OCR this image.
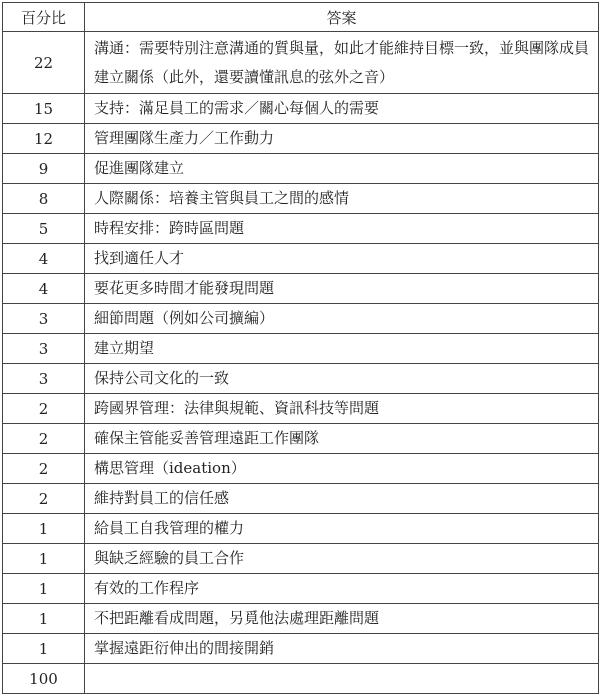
百分比	答案
22	溝通：需要特別注意溝通的質與量，如此才能維持目標一致，並與團隊成員建立關係（此外，還要讀懂訊息的弦外之音）
15	支持：滿足員工的需求／關心每個人的需要
12	管理團隊生產力／工作動力
9	促進團隊建立
8	人際關係：培養主管與員工之間的感情
5	時程安排：跨時區問題
4	找到適任人才
4	要花更多時間才能發現問題
3	細節問題（例如公司擴編）
3	建立期望
3	保持公司文化的一致
2	跨國界管理：法律與規範、資訊科技等問題
2	確保主管能妥善管理遠距工作團隊
2	構思管理（ideation）
2	維持對員工的信任感
1	給員工自我管理的權力
1	與缺乏經驗的員工合作
1	有效的工作程序
1	不把距離看成問題，另覓他法處理距離問題
1	掌握遠距衍伸出的間接開銷
100	
